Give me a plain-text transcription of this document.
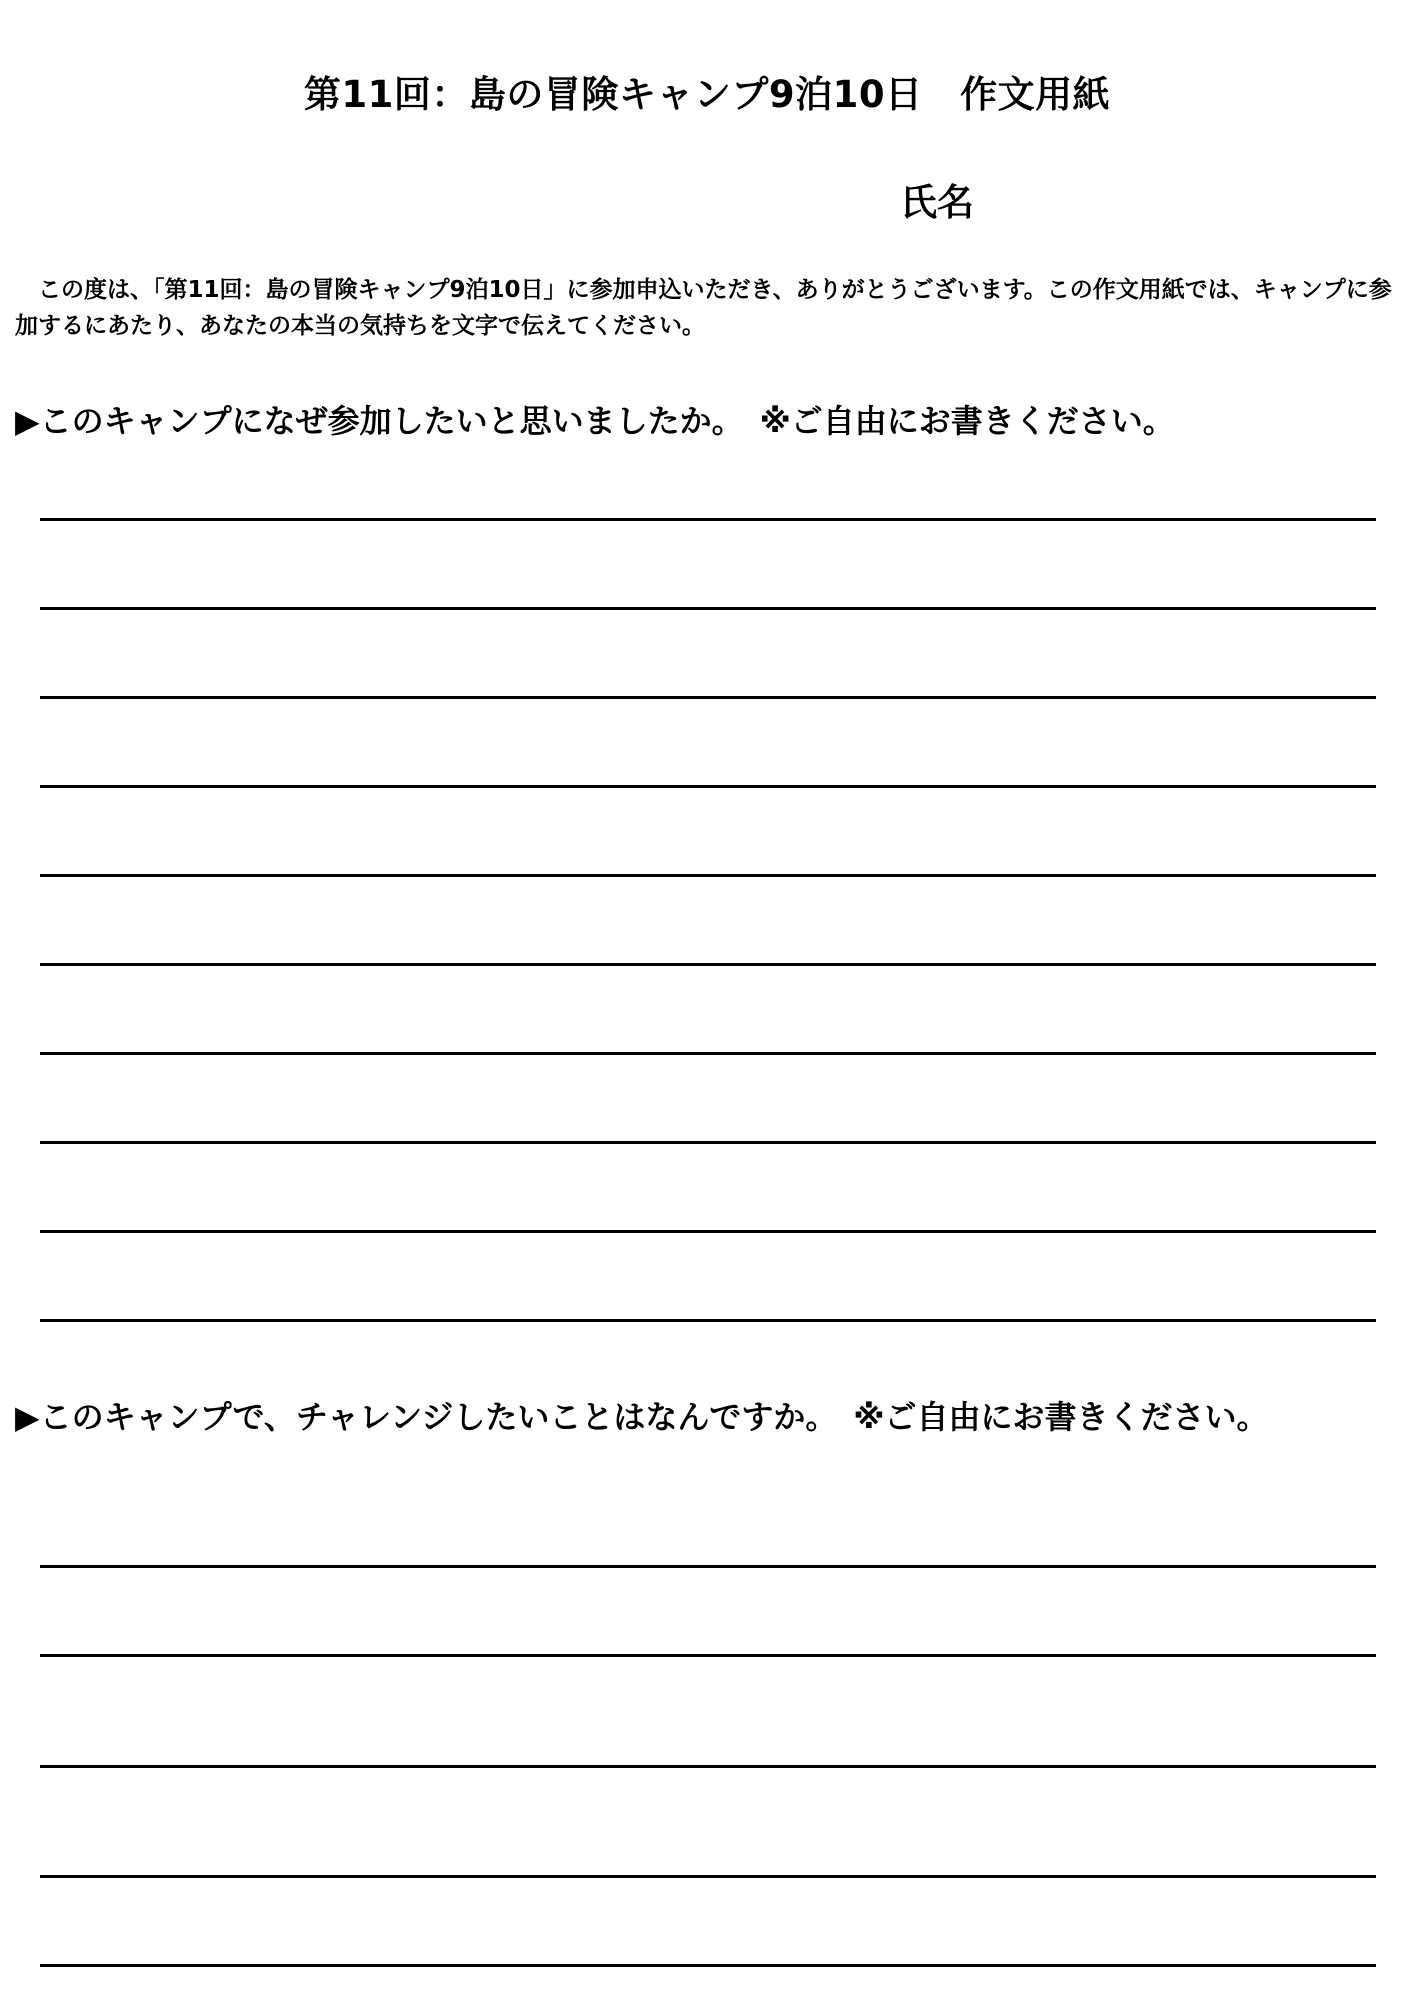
第11回：島の冒険キャンプ9泊10日　作文用紙
氏名
　この度は、「第11回：島の冒険キャンプ9泊10日」に参加申込いただき、ありがとうございます。この作文用紙では、キャンプに参加するにあたり、あなたの本当の気持ちを文字で伝えてください。
▶このキャンプになぜ参加したいと思いましたか。　※ご自由にお書きください。
▶このキャンプで、チャレンジしたいことはなんですか。　※ご自由にお書きください。
